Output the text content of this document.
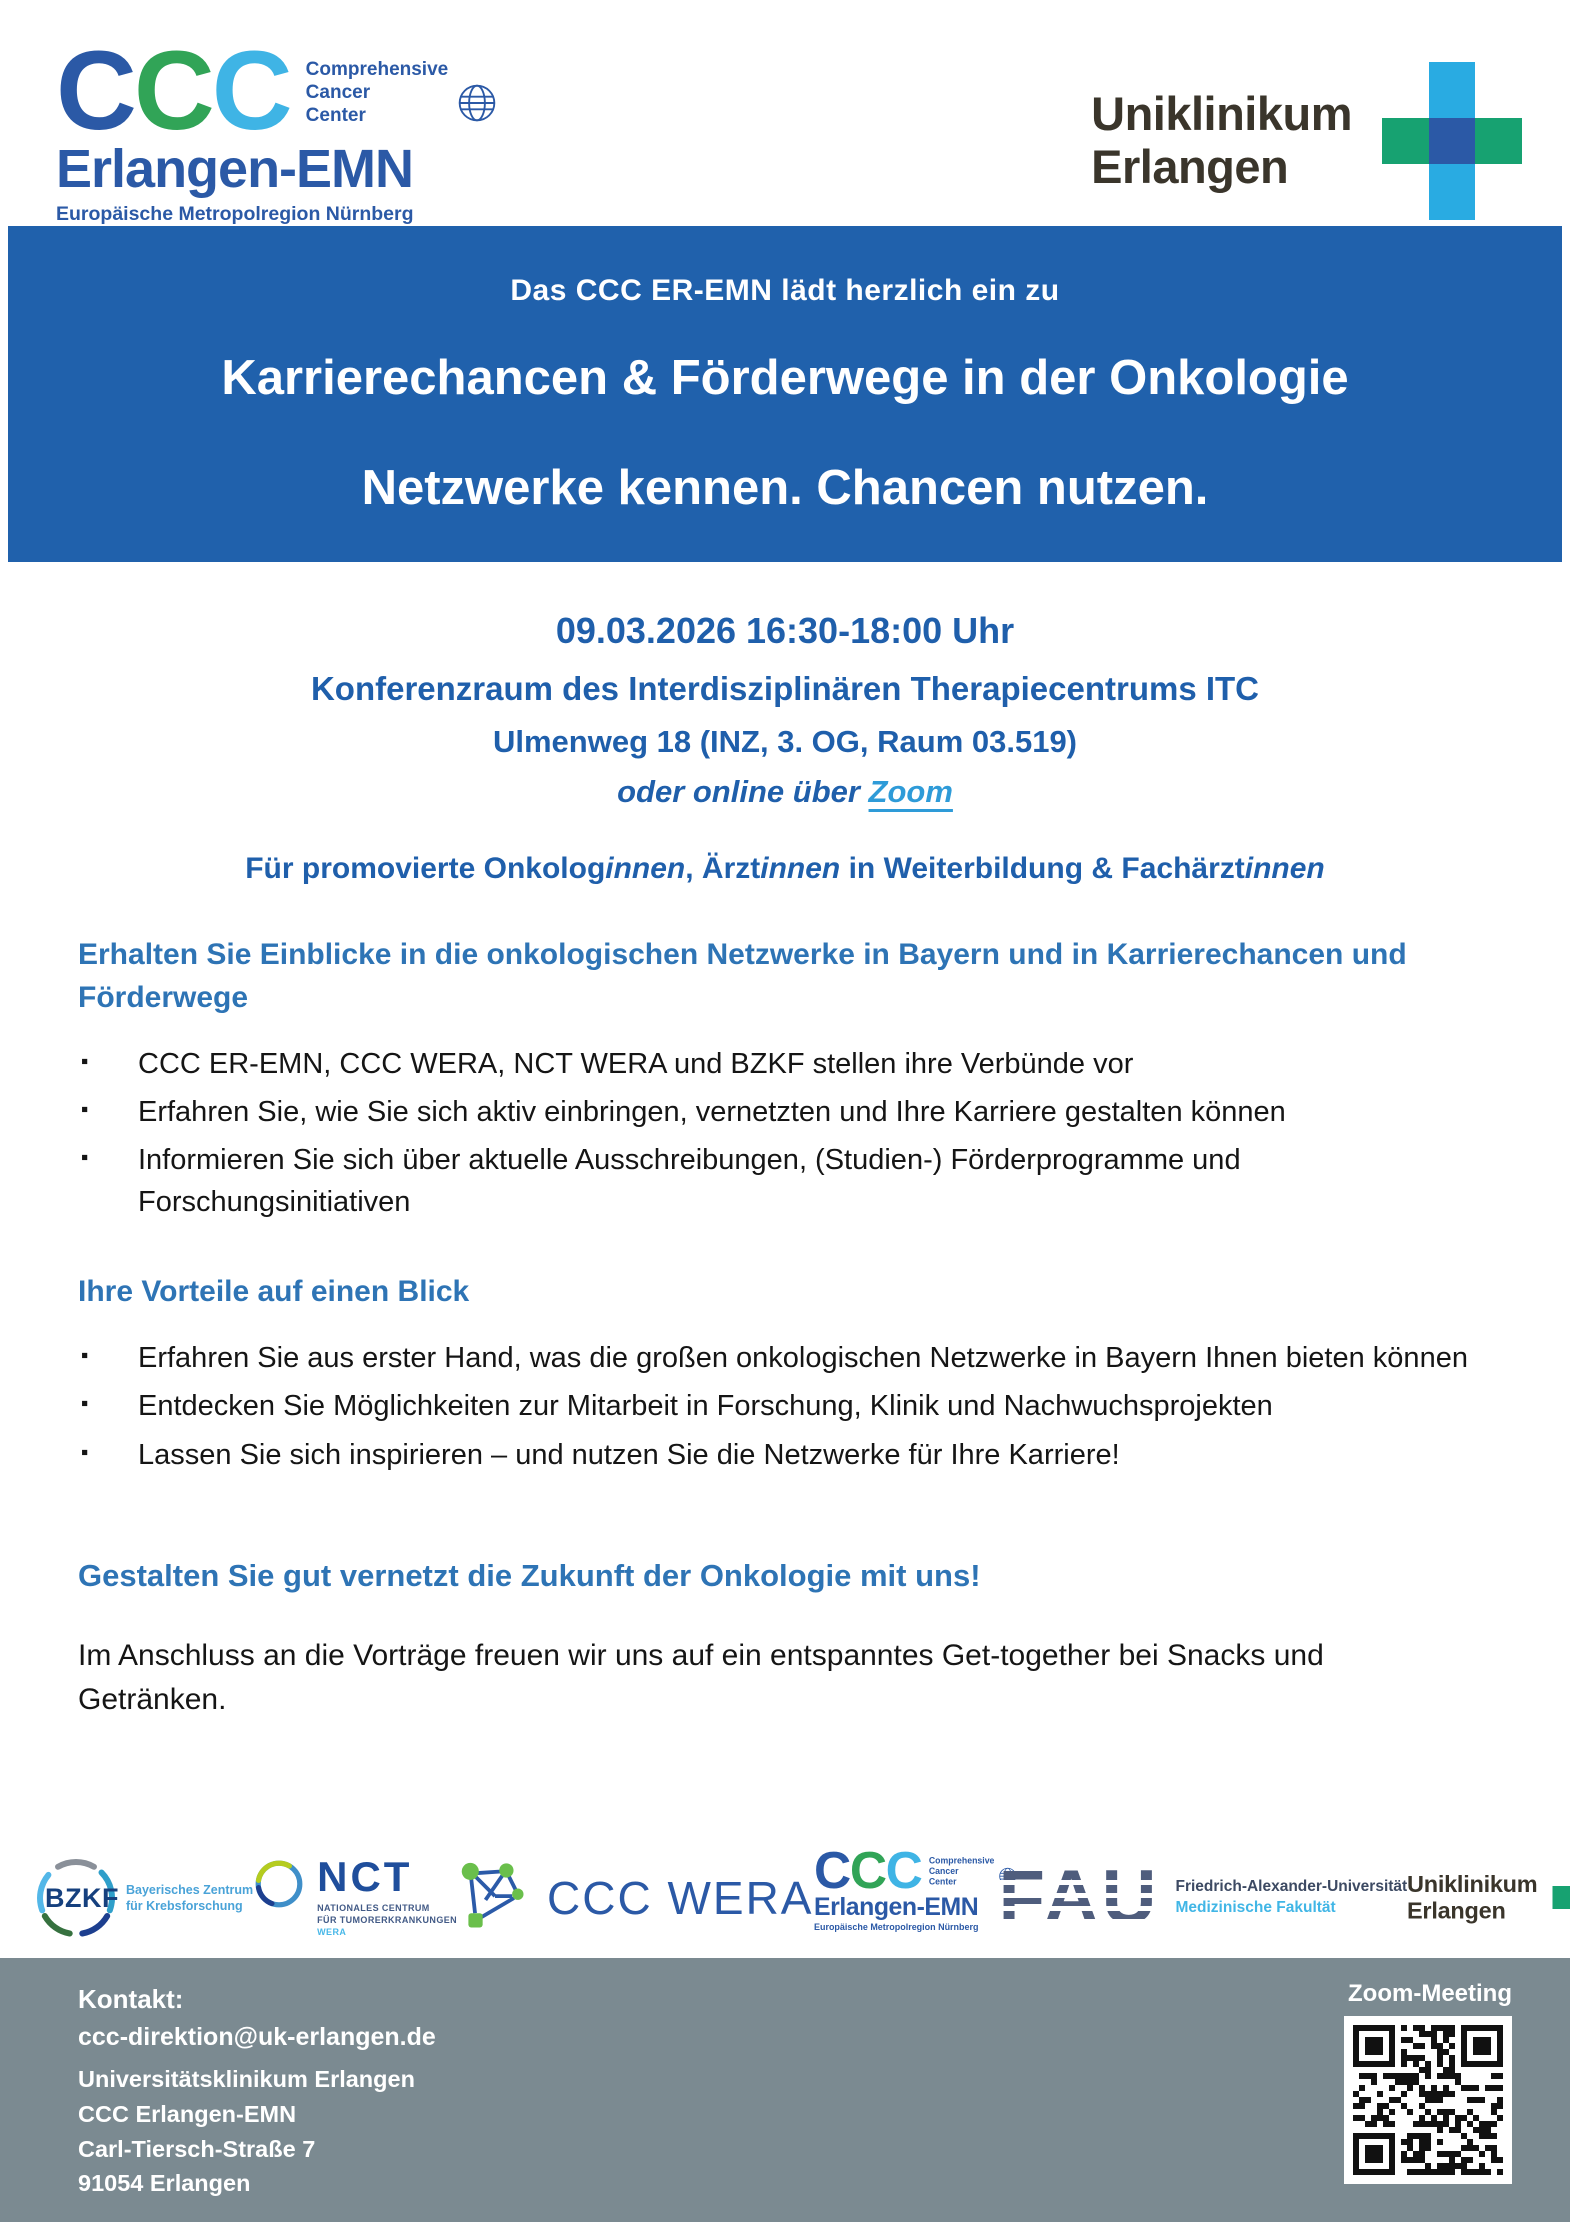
CCC Comprehensive
Cancer
Center
Erlangen-EMN
Europäische Metropolregion Nürnberg
Uniklinikum
Erlangen
Das CCC ER-EMN lädt herzlich ein zu
Karrierechancen & Förderwege in der Onkologie
Netzwerke kennen. Chancen nutzen.
09.03.2026 16:30-18:00 Uhr
Konferenzraum des Interdisziplinären Therapiecentrums ITC
Ulmenweg 18 (INZ, 3. OG, Raum 03.519)
oder online über Zoom
Für promovierte Onkologinnen, Ärztinnen in Weiterbildung & Fachärztinnen
Erhalten Sie Einblicke in die onkologischen Netzwerke in Bayern und in Karrierechancen und Förderwege
▪ CCC ER-EMN, CCC WERA, NCT WERA und BZKF stellen ihre Verbünde vor
▪ Erfahren Sie, wie Sie sich aktiv einbringen, vernetzten und Ihre Karriere gestalten können
▪ Informieren Sie sich über aktuelle Ausschreibungen, (Studien-) Förderprogramme und Forschungsinitiativen
Ihre Vorteile auf einen Blick
▪ Erfahren Sie aus erster Hand, was die großen onkologischen Netzwerke in Bayern Ihnen bieten können
▪ Entdecken Sie Möglichkeiten zur Mitarbeit in Forschung, Klinik und Nachwuchsprojekten
▪ Lassen Sie sich inspirieren – und nutzen Sie die Netzwerke für Ihre Karriere!
Gestalten Sie gut vernetzt die Zukunft der Onkologie mit uns!

Im Anschluss an die Vorträge freuen wir uns auf ein entspanntes Get-together bei Snacks und Getränken.

BZKF Bayerisches Zentrum
für Krebsforschung
NCT
NATIONALES CENTRUM
FÜR TUMORERKRANKUNGEN
WERA
CCC WERA CCC Comprehensive
Cancer
Center
Erlangen-EMN
Europäische Metropolregion Nürnberg
Friedrich-Alexander-Universität
Medizinische Fakultät
Uniklinikum
Erlangen
Kontakt:
ccc-direktion@uk-erlangen.de
Universitätsklinikum Erlangen
CCC Erlangen-EMN
Carl-Tiersch-Straße 7
91054 Erlangen
Zoom-Meeting
